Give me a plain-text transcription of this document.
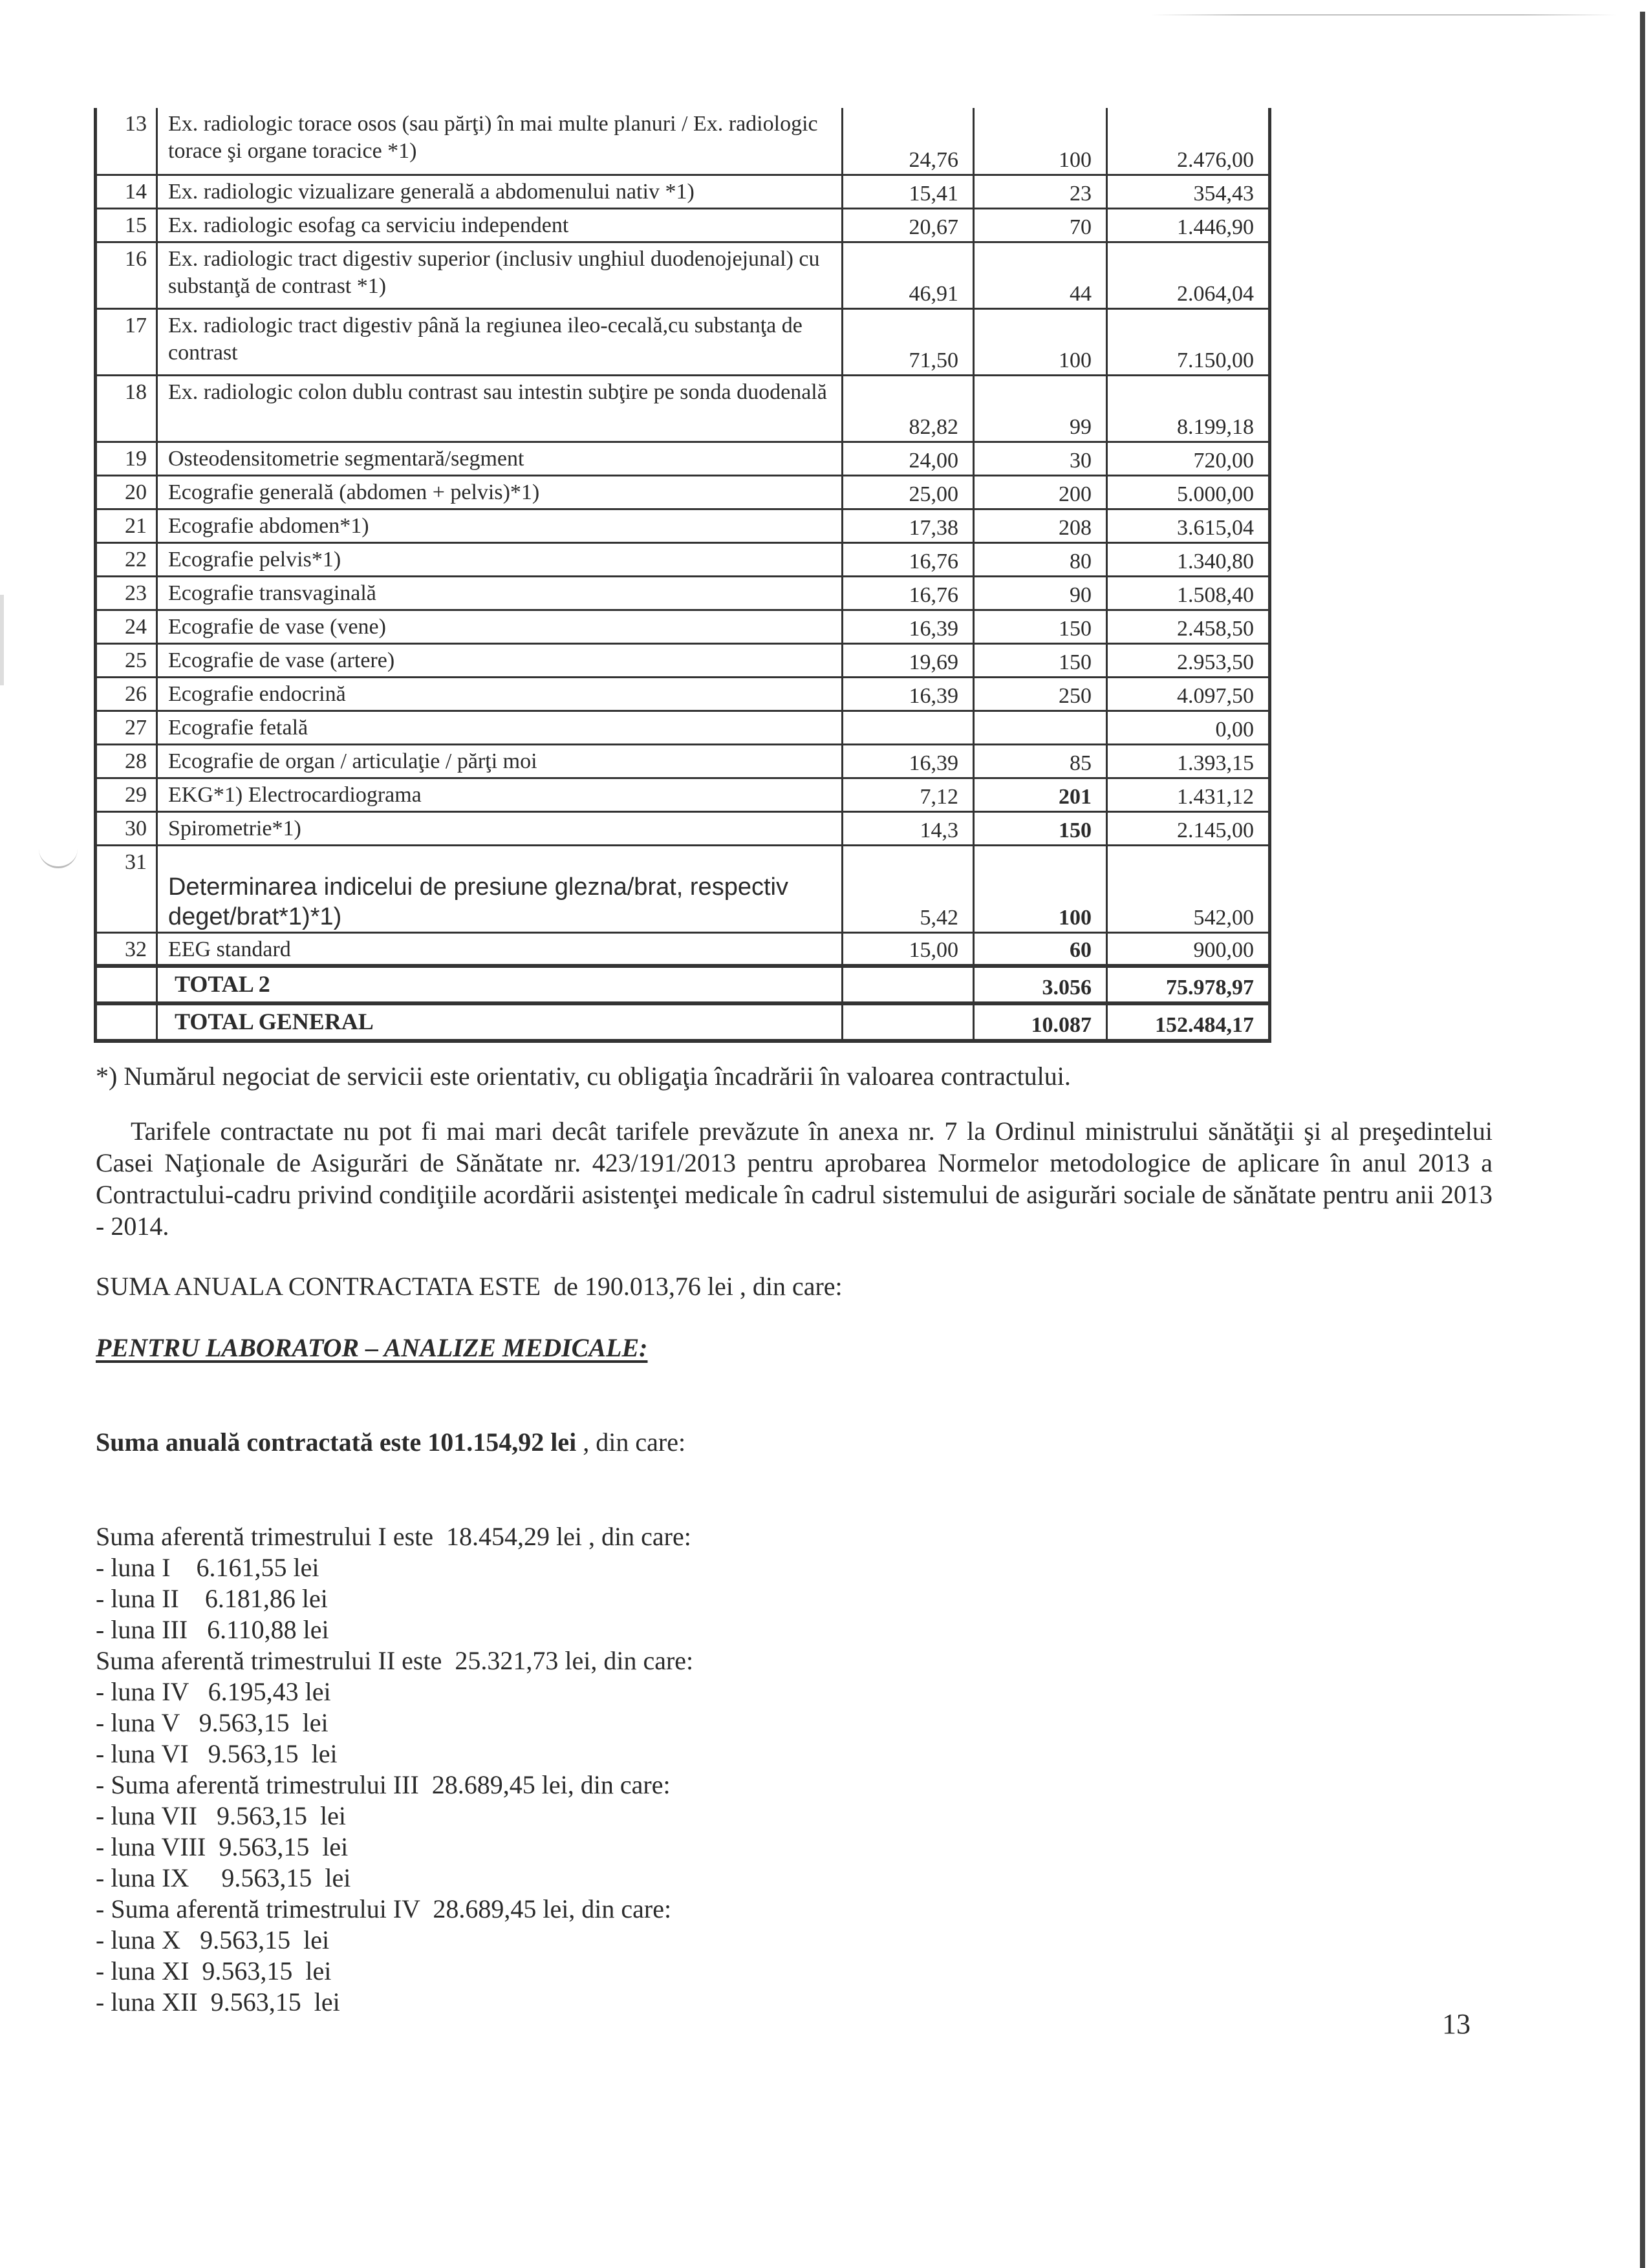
13	Ex. radiologic torace osos (sau părţi) în mai multe planuri / Ex. radiologic torace şi organe toracice *1)	24,76	100	2.476,00
14	Ex. radiologic vizualizare generală a abdomenului nativ *1)	15,41	23	354,43
15	Ex. radiologic esofag ca serviciu independent	20,67	70	1.446,90
16	Ex. radiologic tract digestiv superior (inclusiv unghiul duodenojejunal) cu substanţă de contrast *1)	46,91	44	2.064,04
17	Ex. radiologic tract digestiv până la regiunea ileo-cecală,cu substanţa de contrast	71,50	100	7.150,00
18	Ex. radiologic colon dublu contrast sau intestin subţire pe sonda duodenală	82,82	99	8.199,18
19	Osteodensitometrie segmentară/segment	24,00	30	720,00
20	Ecografie generală (abdomen + pelvis)*1)	25,00	200	5.000,00
21	Ecografie abdomen*1)	17,38	208	3.615,04
22	Ecografie pelvis*1)	16,76	80	1.340,80
23	Ecografie transvaginală	16,76	90	1.508,40
24	Ecografie de vase (vene)	16,39	150	2.458,50
25	Ecografie de vase (artere)	19,69	150	2.953,50
26	Ecografie endocrină	16,39	250	4.097,50
27	Ecografie fetală			0,00
28	Ecografie de organ / articulaţie / părţi moi	16,39	85	1.393,15
29	EKG*1) Electrocardiograma	7,12	201	1.431,12
30	Spirometrie*1)	14,3	150	2.145,00
31	Determinarea indicelui de presiune glezna/brat, respectiv deget/brat*1)*1)	5,42	100	542,00
32	EEG standard	15,00	60	900,00
	TOTAL 2		3.056	75.978,97
	TOTAL GENERAL		10.087	152.484,17
*) Numărul negociat de servicii este orientativ, cu obligaţia încadrării în valoarea contractului.
Tarifele contractate nu pot fi mai mari decât tarifele prevăzute în anexa nr. 7 la Ordinul ministrului sănătăţii şi al preşedintelui Casei Naţionale de Asigurări de Sănătate nr. 423/191/2013 pentru aprobarea Normelor metodologice de aplicare în anul 2013 a Contractului-cadru privind condiţiile acordării asistenţei medicale în cadrul sistemului de asigurări sociale de sănătate pentru anii 2013 - 2014.
SUMA ANUALA CONTRACTATA ESTE  de 190.013,76 lei , din care:
PENTRU LABORATOR – ANALIZE MEDICALE:

Suma anuală contractată este 101.154,92 lei , din care:

Suma aferentă trimestrului I este  18.454,29 lei , din care:
- luna I    6.161,55 lei
- luna II    6.181,86 lei
- luna III   6.110,88 lei
Suma aferentă trimestrului II este  25.321,73 lei, din care:
- luna IV   6.195,43 lei
- luna V   9.563,15  lei
- luna VI   9.563,15  lei
- Suma aferentă trimestrului III  28.689,45 lei, din care:
- luna VII   9.563,15  lei
- luna VIII  9.563,15  lei
- luna IX     9.563,15  lei
- Suma aferentă trimestrului IV  28.689,45 lei, din care:
- luna X   9.563,15  lei
- luna XI  9.563,15  lei
- luna XII  9.563,15  lei

13
